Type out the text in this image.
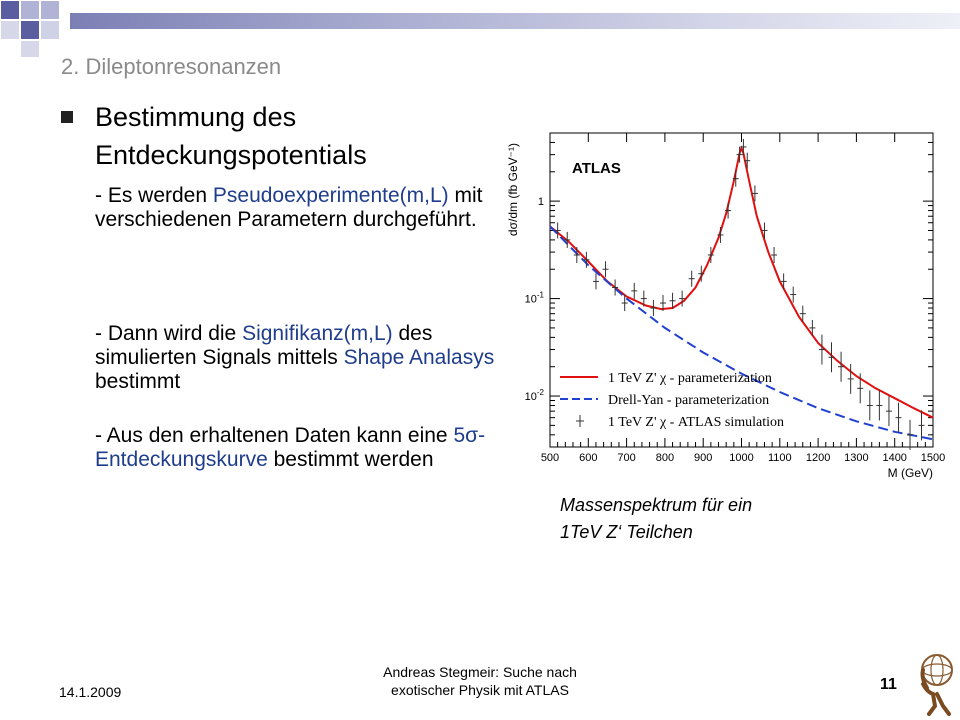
2. Dileptonresonanzen
Bestimmung des
Entdeckungspotentials
- Es werden Pseudoexperimente(m,L) mit verschiedenen Parametern durchgeführt.
- Dann wird die Signifikanz(m,L) des simulierten Signals mittels Shape Analasys bestimmt
- Aus den erhaltenen Daten kann eine 5σ-Entdeckungskurve bestimmt werden	500 600 700 800 900 1000 1100 1200 1300 1400 1500
$10^{-2}$
$10^{-1}$
1
M (GeV)
dσ/dm (fb GeV⁻¹)	ATLAS
1 TeV Z' χ - parameterization
Drell-Yan - parameterization
1 TeV Z' χ - ATLAS simulation
Massenspektrum für ein
1TeV Z‘ Teilchen
14.1.2009
Andreas Stegmeir: Suche nach
exotischer Physik mit ATLAS	11
